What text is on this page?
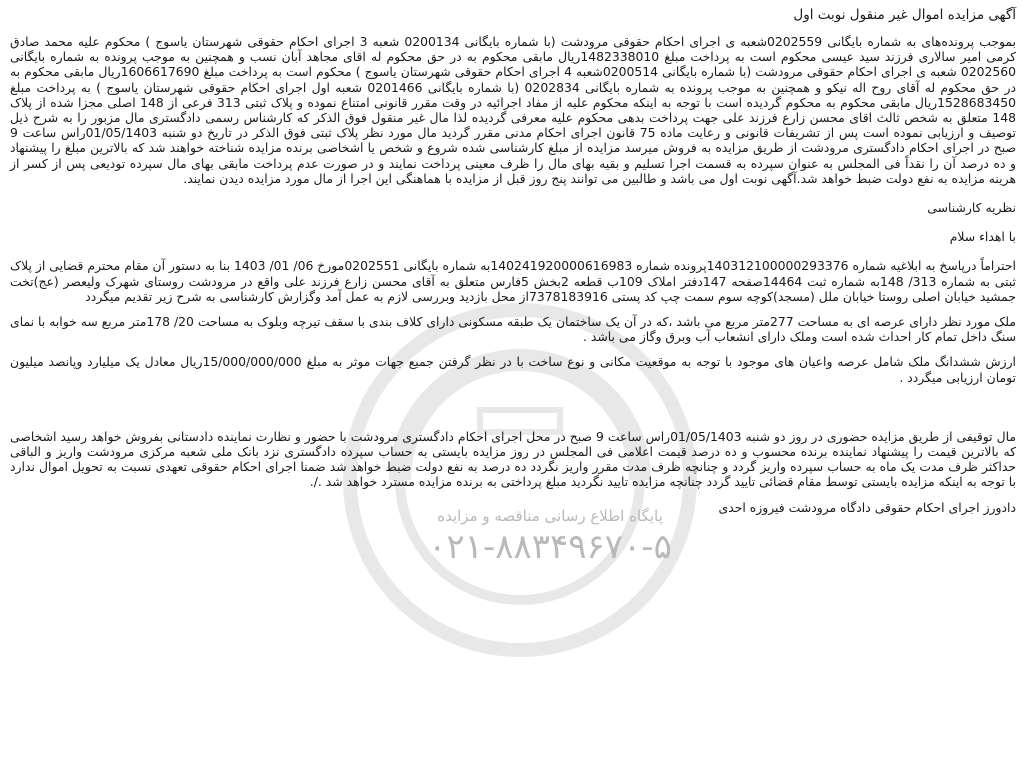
پایگاه اطلاع رسانی مناقصه و مزایده
۰۲۱-۸۸۳۴۹۶۷۰-۵
آگهی مزایده اموال غیر منقول نوبت اول

بموجب پرونده‌های به شماره بایگانی 0202559شعبه ی اجرای احکام حقوقی مرودشت (با شماره بایگانی 0200134 شعبه 3 اجرای احکام حقوقی شهرستان یاسوج ) محکوم علیه محمد صادق کرمی امیر سالاری فرزند سید عیسی محکوم است به پرداخت مبلغ 1482338010ریال مابقی محکوم به در حق محکوم له اقای مجاهد آبان نسب و همچنین به موجب پرونده به شماره بایگانی 0202560 شعبه ی اجرای احکام حقوقی مرودشت (با شماره بایگانی 0200514شعبه 4 اجرای احکام حقوقی شهرستان یاسوج ) محکوم است به پرداخت مبلغ 1606617690ریال مابقی محکوم به در حق محکوم له آقای روح اله نیکو و همچنین به موجب پرونده به شماره بایگانی 0202834 (با شماره بایگانی 0201466 شعبه اول اجرای احکام حقوقی شهرستان یاسوج ) به پرداخت مبلغ 1528683450ریال مابقی محکوم به محکوم گردیده است با توجه به اینکه محکوم علیه از مفاد اجرائیه در وقت مقرر قانونی امتناع نموده و پلاک ثبتی 313 فرعی از 148 اصلی مجزا شده از پلاک 148 متعلق به شخص ثالث اقای محسن زارع فرزند علی جهت پرداخت بدهی محکوم علیه معرفی گردیده لذا مال غیر منقول فوق الذکر که کارشناس رسمی دادگستری مال مزبور را به شرح ذیل توصیف و ارزیابی نموده است پس از تشریفات قانونی و رعایت ماده 75 قانون اجرای احکام مدنی مقرر گردید مال مورد نظر پلاک ثبتی فوق الذکر در تاریخ دو شنبه 01/05/1403راس ساعت 9 صبح در اجرای احکام دادگستری مرودشت از طریق مزایده به فروش میرسد مزایده از مبلغ کارشناسی شده شروع و شخص یا اشخاصی برنده مزایده شناخته خواهند شد که بالاترین مبلغ را پیشنهاد و ده درصد آن را نقداً فی المجلس به عنوان سپرده به قسمت اجرا تسلیم و بقیه بهای مال را ظرف معینی پرداخت نمایند و در صورت عدم پرداخت مابقی بهای مال سپرده تودیعی پس از کسر از هرینه مزایده به نفع دولت ضبط خواهد شد.آگهی نوبت اول می باشد و طالبین می توانند پنج روز قبل از مزایده با هماهنگی این اجرا از مال مورد مزایده دیدن نمایند.

نظریه کارشناسی

با اهداء سلام

احتراماً درپاسخ به ابلاغیه شماره 140312100000293376پرونده شماره 140241920000616983به شماره بایگانی 0202551مورخ 06/ 01/ 1403 بنا به دستور آن مقام محترم قضایی از پلاک ثبتی به شماره 313/ 148به شماره ثبت 14464صفحه 147دفتر املاک 109ب قطعه 2بخش 5فارس متعلق به آقای محسن زارع فرزند علی واقع در مرودشت روستای شهرک ولیعصر (عج)تخت جمشید خیابان اصلی روستا خیابان ملل (مسجد)کوچه سوم سمت چپ کد پستی 7378183916از محل بازدید وبررسی لازم به عمل آمد وگزارش کارشناسی به شرح زیر تقدیم میگردد

ملک مورد نظر دارای عرصه ای به مساحت 277متر مربع می باشد ،که در آن یک ساختمان یک طبقه مسکونی دارای کلاف بندی با سقف تیرچه وبلوک به مساحت 20/ 178متر مربع سه خوابه با نمای سنگ داخل تمام کار احداث شده است وملک دارای انشعاب آب وبرق وگاز می باشد .

ارزش ششدانگ ملک شامل عرصه واعیان های موجود با توجه به موقعیت مکانی و نوع ساخت با در نظر گرفتن جمیع جهات موثر به مبلغ 15/000/000/000ریال معادل یک میلیارد وپانصد میلیون تومان ارزیابی میگردد .

مال توقیفی از طریق مزایده حضوری در روز دو شنبه 01/05/1403راس ساعت 9 صبح در محل اجرای احکام دادگستری مرودشت با حضور و نظارت نماینده دادستانی بفروش خواهد رسید اشخاصی که بالاترین قیمت را پیشنهاد نماینده برنده محسوب و ده درصد قیمت اعلامی فی المجلس در روز مزایده بایستی به حساب سپرده دادگستری نزد بانک ملی شعبه مرکزی مرودشت واریز و الباقی حداکثر ظرف مدت یک ماه به حساب سپرده واریز گردد و چنانچه ظرف مدت مقرر واریز نگردد ده درصد به نفع دولت ضبط خواهد شد ضمنا اجرای احکام حقوقی تعهدی نسبت به تحویل اموال ندارد با توجه به اینکه مزایده بایستی توسط مقام قضائی تایید گردد چنانچه مزایده تایید نگردید مبلغ پرداختی به برنده مزایده مسترد خواهد شد ./.

دادورز اجرای احکام حقوقی دادگاه مرودشت فیروزه احدی
